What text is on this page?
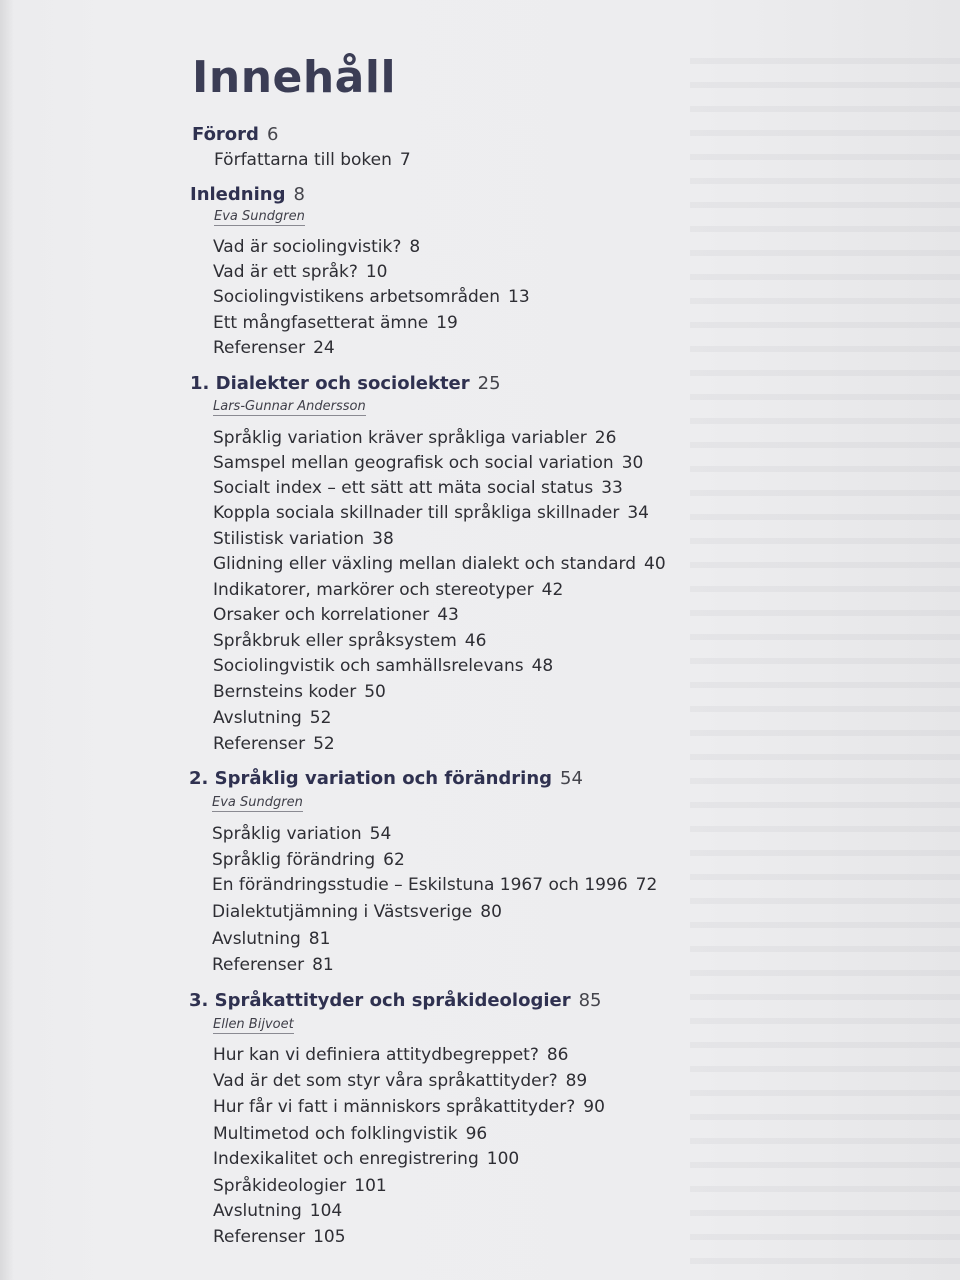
Innehåll
Förord 6
Författarna till boken 7
Inledning 8
Eva Sundgren
Vad är sociolingvistik? 8
Vad är ett språk? 10
Sociolingvistikens arbetsområden 13
Ett mångfasetterat ämne 19
Referenser 24
1. Dialekter och sociolekter 25
Lars-Gunnar Andersson
Språklig variation kräver språkliga variabler 26
Samspel mellan geografisk och social variation 30
Socialt index – ett sätt att mäta social status 33
Koppla sociala skillnader till språkliga skillnader 34
Stilistisk variation 38
Glidning eller växling mellan dialekt och standard 40
Indikatorer, markörer och stereotyper 42
Orsaker och korrelationer 43
Språkbruk eller språksystem 46
Sociolingvistik och samhällsrelevans 48
Bernsteins koder 50
Avslutning 52
Referenser 52
2. Språklig variation och förändring 54
Eva Sundgren
Språklig variation 54
Språklig förändring 62
En förändringsstudie – Eskilstuna 1967 och 1996 72
Dialektutjämning i Västsverige 80
Avslutning 81
Referenser 81
3. Språkattityder och språkideologier 85
Ellen Bijvoet
Hur kan vi definiera attitydbegreppet? 86
Vad är det som styr våra språkattityder? 89
Hur får vi fatt i människors språkattityder? 90
Multimetod och folklingvistik 96
Indexikalitet och enregistrering 100
Språkideologier 101
Avslutning 104
Referenser 105
